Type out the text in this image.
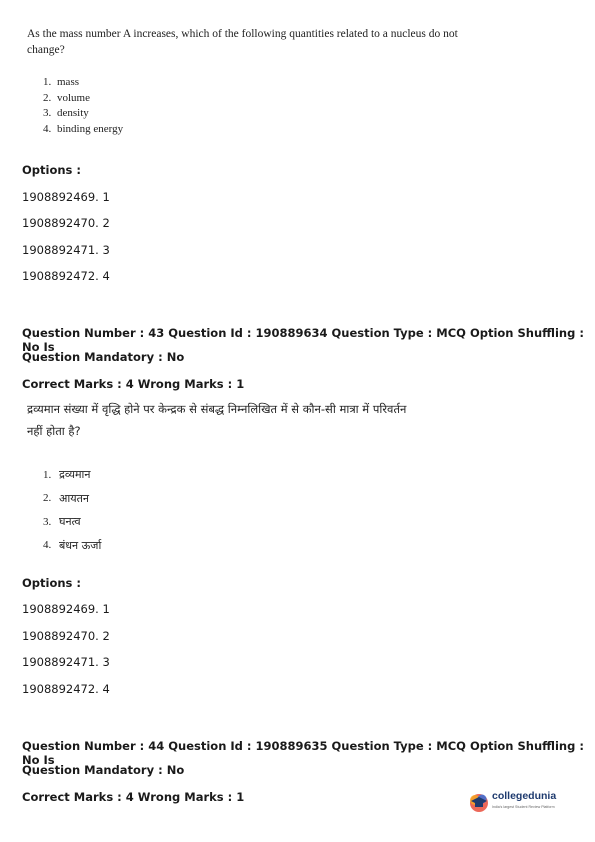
As the mass number A increases, which of the following quantities related to a nucleus do not change?
1. mass
2. volume
3. density
4. binding energy
Options :
1908892469. 1
1908892470. 2
1908892471. 3
1908892472. 4
Question Number : 43 Question Id : 190889634 Question Type : MCQ Option Shuffling : No Is
Question Mandatory : No
Correct Marks : 4 Wrong Marks : 1
द्रव्यमान संख्या में वृद्धि होने पर केन्द्रक से संबद्ध निम्नलिखित में से कौन-सी मात्रा में परिवर्तन
नहीं होता है?
1. द्रव्यमान
2. आयतन
3. घनत्व
4. बंधन ऊर्जा
Options :
1908892469. 1
1908892470. 2
1908892471. 3
1908892472. 4
Question Number : 44 Question Id : 190889635 Question Type : MCQ Option Shuffling : No Is
Question Mandatory : No
Correct Marks : 4 Wrong Marks : 1	collegedunia
India's largest Student Review Platform
